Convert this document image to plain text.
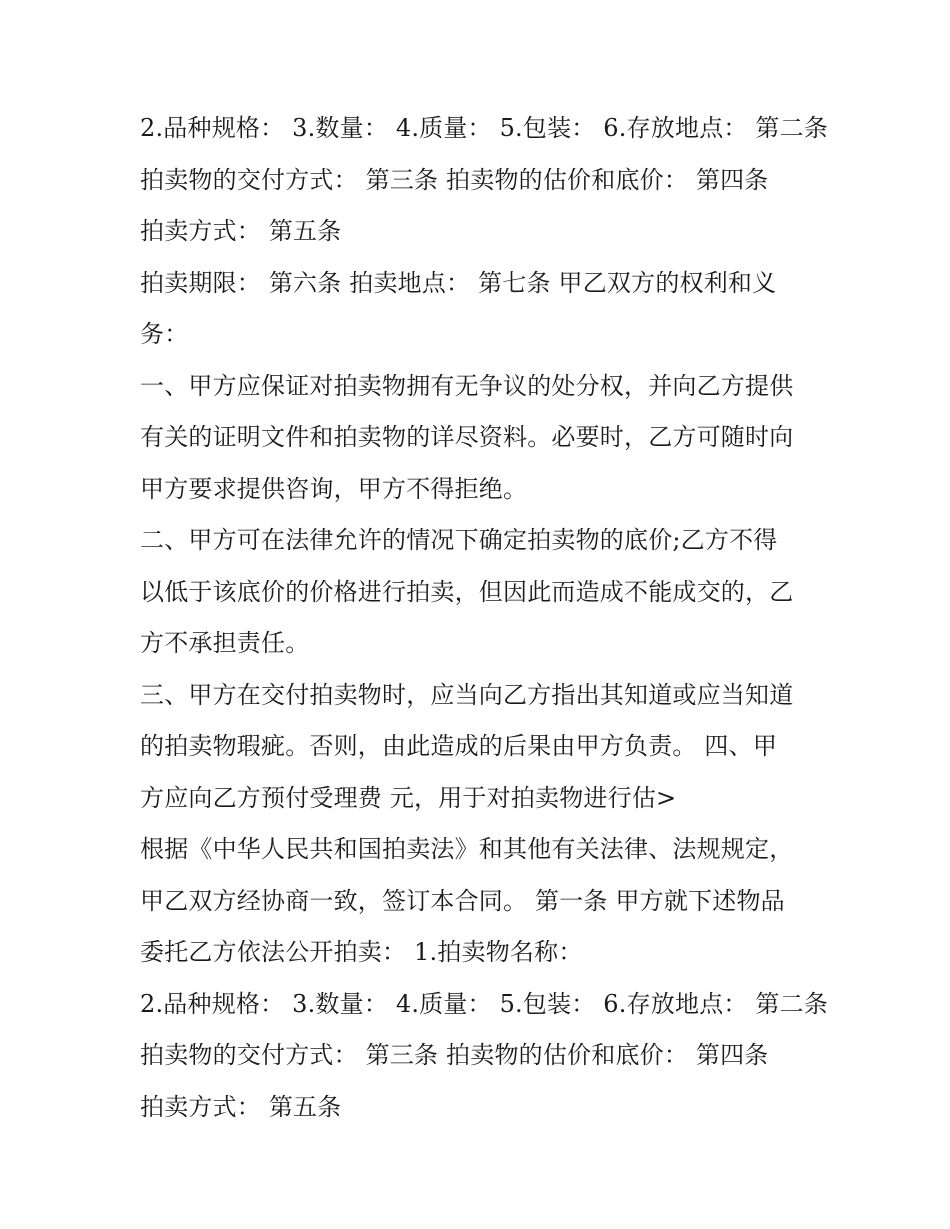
2.品种规格： 3.数量： 4.质量： 5.包装： 6.存放地点： 第二条
拍卖物的交付方式： 第三条 拍卖物的估价和底价： 第四条
拍卖方式： 第五条
拍卖期限： 第六条 拍卖地点： 第七条 甲乙双方的权利和义
务：
一、甲方应保证对拍卖物拥有无争议的处分权，并向乙方提供
有关的证明文件和拍卖物的详尽资料。必要时，乙方可随时向
甲方要求提供咨询，甲方不得拒绝。
二、甲方可在法律允许的情况下确定拍卖物的底价;乙方不得
以低于该底价的价格进行拍卖，但因此而造成不能成交的，乙
方不承担责任。
三、甲方在交付拍卖物时，应当向乙方指出其知道或应当知道
的拍卖物瑕疵。否则，由此造成的后果由甲方负责。 四、甲
方应向乙方预付受理费 元，用于对拍卖物进行估>
根据《中华人民共和国拍卖法》和其他有关法律、法规规定，
甲乙双方经协商一致，签订本合同。 第一条 甲方就下述物品
委托乙方依法公开拍卖： 1.拍卖物名称：
2.品种规格： 3.数量： 4.质量： 5.包装： 6.存放地点： 第二条
拍卖物的交付方式： 第三条 拍卖物的估价和底价： 第四条
拍卖方式： 第五条
